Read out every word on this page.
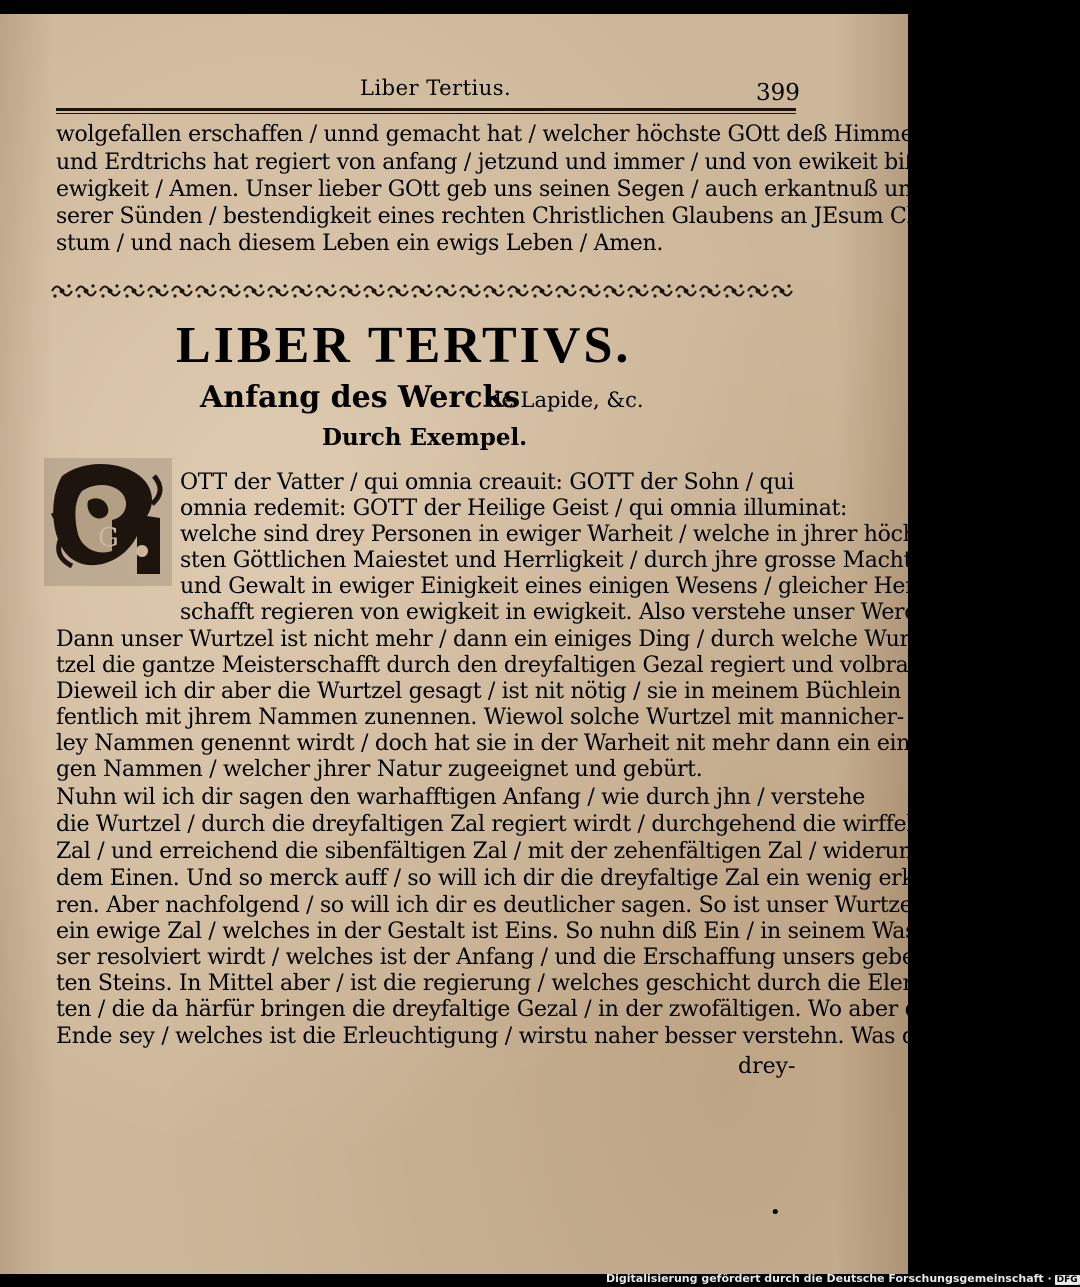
Liber Tertius.	399
wolgefallen erschaffen / unnd gemacht hat / welcher höchste GOtt deß Himmels
und Erdtrichs hat regiert von anfang / jetzund und immer / und von ewikeit biß zu
ewigkeit / Amen. Unser lieber GOtt geb uns seinen Segen / auch erkantnuß un-
serer Sünden / bestendigkeit eines rechten Christlichen Glaubens an JEsum Chri-
stum / und nach diesem Leben ein ewigs Leben / Amen.
LIBER TERTIVS.
Anfang des Wercks
de Lapide, &c.
Durch Exempel.
G
OTT der Vatter / qui omnia creauit: GOTT der Sohn / qui
omnia redemit: GOTT der Heilige Geist / qui omnia illuminat:
welche sind drey Personen in ewiger Warheit / welche in jhrer höch-
sten Göttlichen Maiestet und Herrligkeit / durch jhre grosse Macht
und Gewalt in ewiger Einigkeit eines einigen Wesens / gleicher Herr-
schafft regieren von ewigkeit in ewigkeit. Also verstehe unser Werck.
Dann unser Wurtzel ist nicht mehr / dann ein einiges Ding / durch welche Wur-
tzel die gantze Meisterschafft durch den dreyfaltigen Gezal regiert und volbracht wirt.
Dieweil ich dir aber die Wurtzel gesagt / ist nit nötig / sie in meinem Büchlein of-
fentlich mit jhrem Nammen zunennen. Wiewol solche Wurtzel mit mannicher-
ley Nammen genennt wirdt / doch hat sie in der Warheit nit mehr dann ein eini-
gen Nammen / welcher jhrer Natur zugeeignet und gebürt.
Nuhn wil ich dir sagen den warhafftigen Anfang / wie durch jhn / verstehe
die Wurtzel / durch die dreyfaltigen Zal regiert wirdt / durchgehend die wirffellige
Zal / und erreichend die sibenfältigen Zal / mit der zehenfältigen Zal / widerumm in
dem Einen. Und so merck auff / so will ich dir die dreyfaltige Zal ein wenig erkle-
ren. Aber nachfolgend / so will ich dir es deutlicher sagen. So ist unser Wurtzel
ein ewige Zal / welches in der Gestalt ist Eins. So nuhn diß Ein / in seinem Was-
ser resolviert wirdt / welches ist der Anfang / und die Erschaffung unsers gebenedey-
ten Steins. In Mittel aber / ist die regierung / welches geschicht durch die Elemen-
ten / die da härfür bringen die dreyfaltige Gezal / in der zwofältigen. Wo aber das
Ende sey / welches ist die Erleuchtigung / wirstu naher besser verstehn. Was die
drey-
•
Digitalisierung gefördert durch die Deutsche Forschungsgemeinschaft · DFG
